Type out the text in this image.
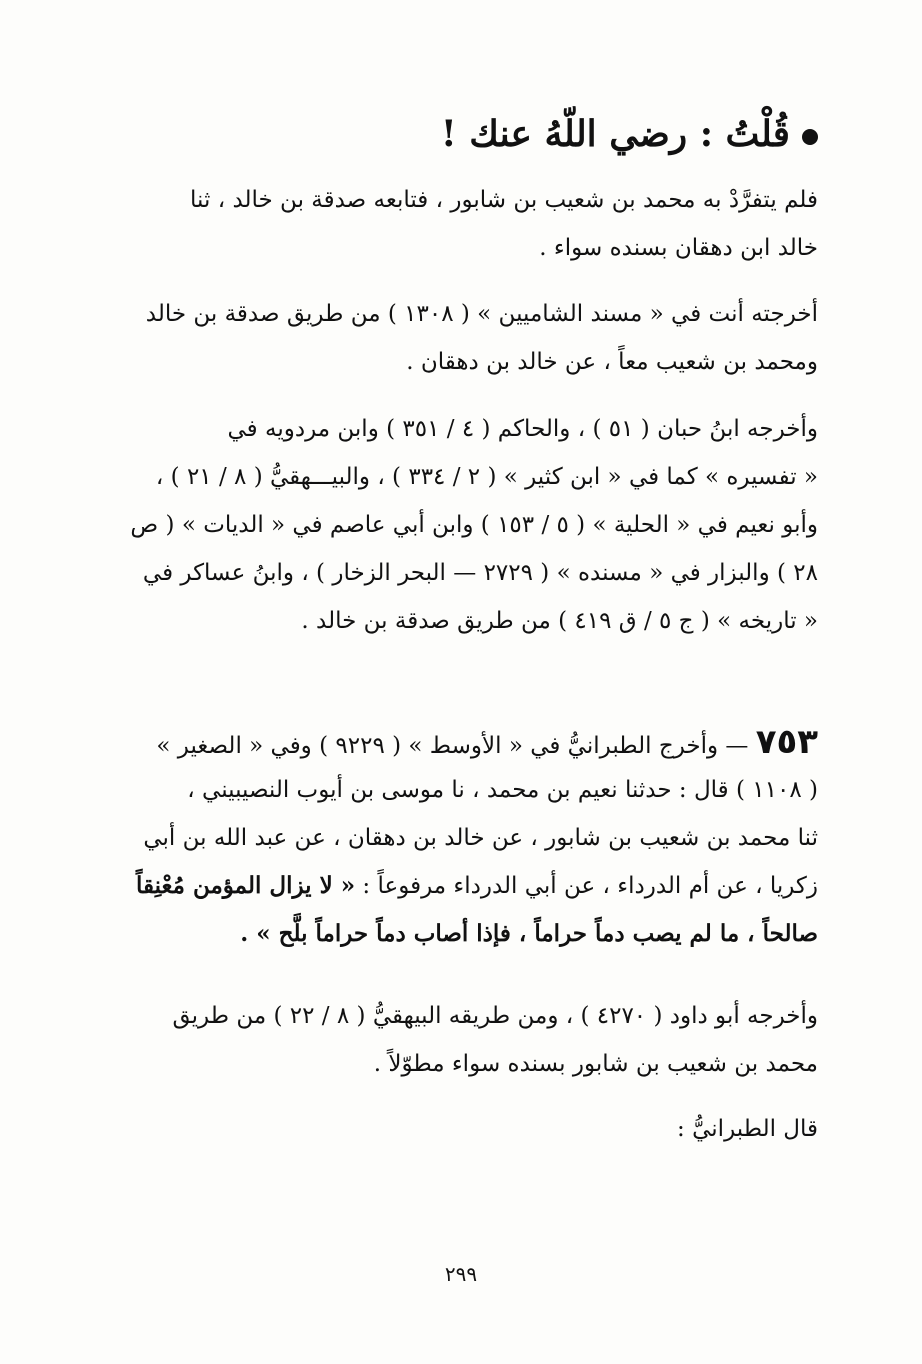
قُلْتُ : رضي اللّهُ عنك !
فلم يتفرَّدْ به محمد بن شعيب بن شابور ، فتابعه صدقة بن خالد ، ثنا
خالد ابن دهقان بسنده سواء .
أخرجته أنت في « مسند الشاميين » ( ١٣٠٨ ) من طريق صدقة بن خالد
ومحمد بن شعيب معاً ، عن خالد بن دهقان .
وأخرجه ابنُ حبان ( ٥١ ) ، والحاكم ( ٤ / ٣٥١ ) وابن مردويه في
« تفسيره » كما في « ابن كثير » ( ٢ / ٣٣٤ ) ، والبيـــهقيُّ ( ٨ / ٢١ ) ،
وأبو نعيم في « الحلية » ( ٥ / ١٥٣ ) وابن أبي عاصم في « الديات » ( ص
٢٨ ) والبزار في « مسنده » ( ٢٧٢٩ — البحر الزخار ) ، وابنُ عساكر في
« تاريخه » ( ج ٥ / ق ٤١٩ ) من طريق صدقة بن خالد .
٧٥٣ — وأخرج الطبرانيُّ في « الأوسط » ( ٩٢٢٩ ) وفي « الصغير »
( ١١٠٨ ) قال : حدثنا نعيم بن محمد ، نا موسى بن أيوب النصيبيني ،
ثنا محمد بن شعيب بن شابور ، عن خالد بن دهقان ، عن عبد الله بن أبي
زكريا ، عن أم الدرداء ، عن أبي الدرداء مرفوعاً : « لا يزال المؤمن مُعْنِقاً
صالحاً ، ما لم يصب دماً حراماً ، فإذا أصاب دماً حراماً بلَّح » .
وأخرجه أبو داود ( ٤٢٧٠ ) ، ومن طريقه البيهقيُّ ( ٨ / ٢٢ ) من طريق
محمد بن شعيب بن شابور بسنده سواء مطوّلاً .
قال الطبرانيُّ :
٢٩٩
